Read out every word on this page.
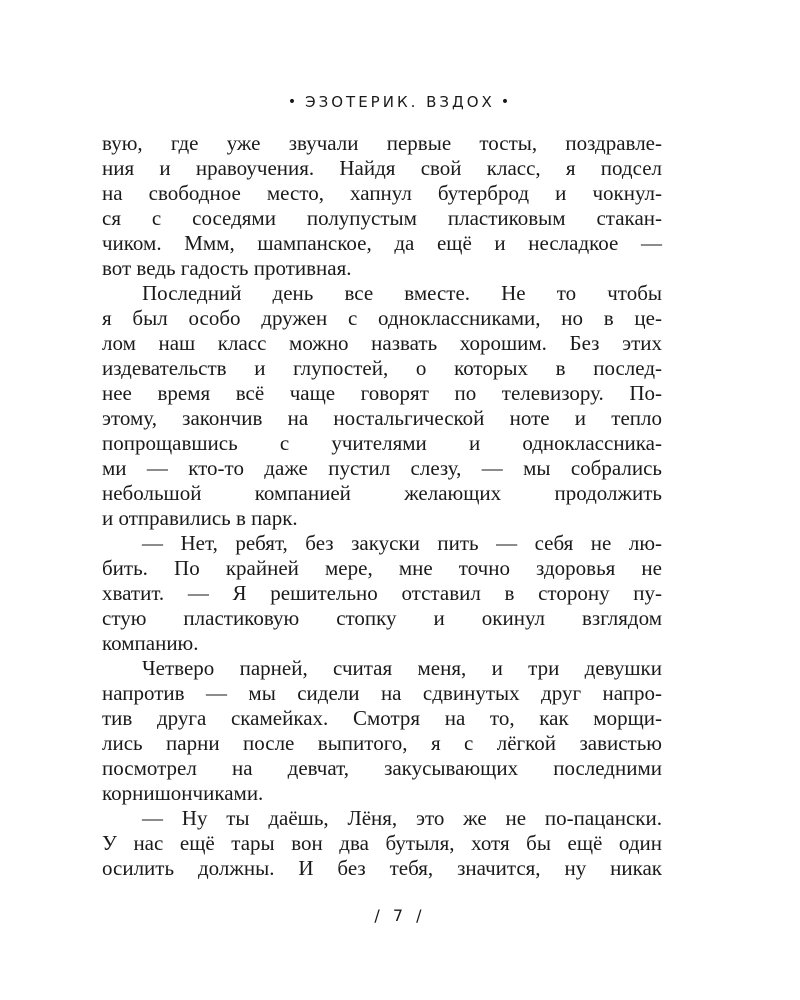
• ЭЗОТЕРИК. ВЗДОХ •
вую, где уже звучали первые тосты, поздравле-
ния и нравоучения. Найдя свой класс, я подсел
на свободное место, хапнул бутерброд и чокнул-
ся с соседями полупустым пластиковым стакан-
чиком. Ммм, шампанское, да ещё и несладкое —
вот ведь гадость противная.
Последний день все вместе. Не то чтобы
я был особо дружен с одноклассниками, но в це-
лом наш класс можно назвать хорошим. Без этих
издевательств и глупостей, о которых в послед-
нее время всё чаще говорят по телевизору. По-
этому, закончив на ностальгической ноте и тепло
попрощавшись с учителями и одноклассника-
ми — кто-то даже пустил слезу, — мы собрались
небольшой компанией желающих продолжить
и отправились в парк.
— Нет, ребят, без закуски пить — себя не лю-
бить. По крайней мере, мне точно здоровья не
хватит. — Я решительно отставил в сторону пу-
стую пластиковую стопку и окинул взглядом
компанию.
Четверо парней, считая меня, и три девушки
напротив — мы сидели на сдвинутых друг напро-
тив друга скамейках. Смотря на то, как морщи-
лись парни после выпитого, я с лёгкой завистью
посмотрел на девчат, закусывающих последними
корнишончиками.
— Ну ты даёшь, Лёня, это же не по-пацански.
У нас ещё тары вон два бутыля, хотя бы ещё один
осилить должны. И без тебя, значится, ну никак
/ 7 /
